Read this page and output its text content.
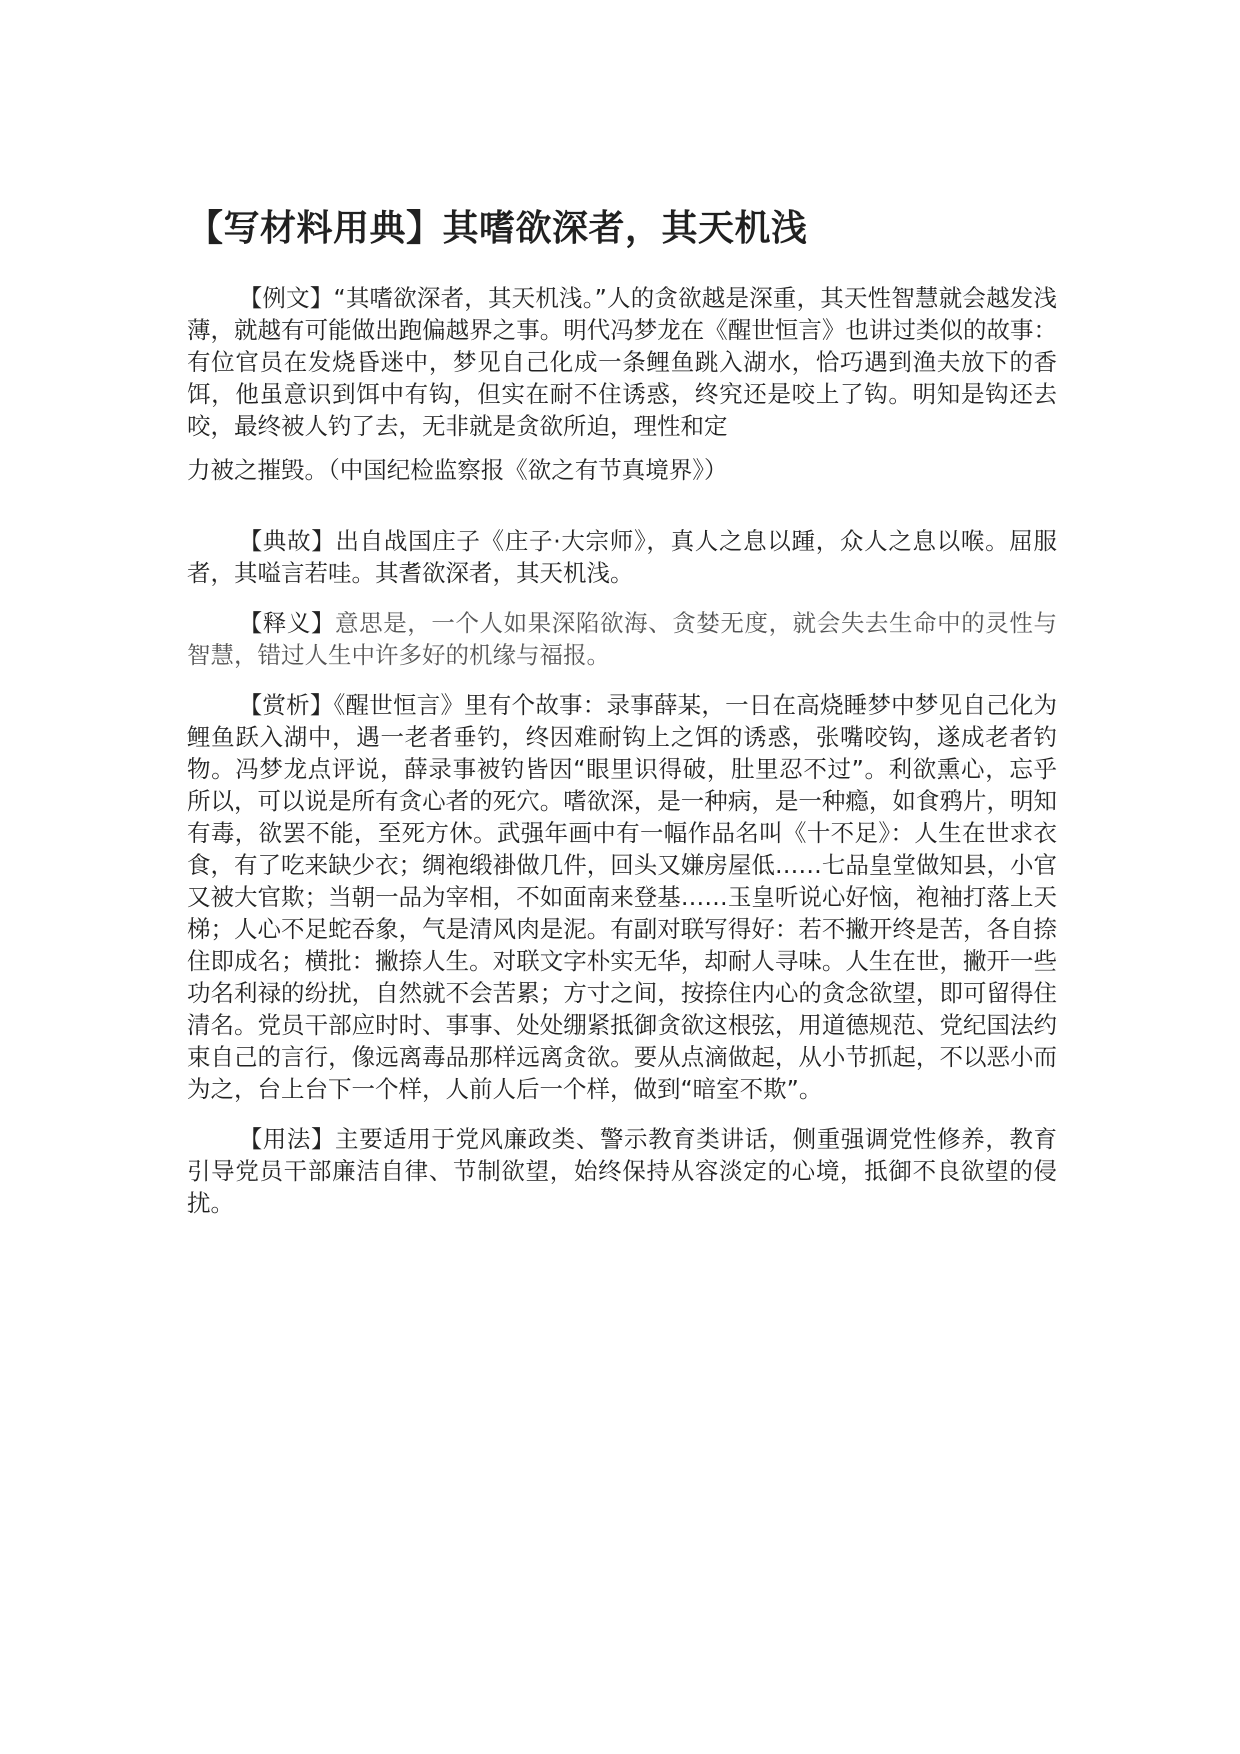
【写材料用典】其嗜欲深者，其天机浅

【例文】“其嗜欲深者，其天机浅。”人的贪欲越是深重，其天性智慧就会越发浅薄，就越有可能做出跑偏越界之事。明代冯梦龙在《醒世恒言》也讲过类似的故事：有位官员在发烧昏迷中，梦见自己化成一条鲤鱼跳入湖水，恰巧遇到渔夫放下的香饵，他虽意识到饵中有钩，但实在耐不住诱惑，终究还是咬上了钩。明知是钩还去咬，最终被人钓了去，无非就是贪欲所迫，理性和定
力被之摧毁。（中国纪检监察报《欲之有节真境界》）

【典故】出自战国庄子《庄子·大宗师》，真人之息以踵，众人之息以喉。屈服者，其嗌言若哇。其耆欲深者，其天机浅。

【释义】意思是，一个人如果深陷欲海、贪婪无度，就会失去生命中的灵性与智慧，错过人生中许多好的机缘与福报。

【赏析】《醒世恒言》里有个故事：录事薛某，一日在高烧睡梦中梦见自己化为鲤鱼跃入湖中，遇一老者垂钓，终因难耐钩上之饵的诱惑，张嘴咬钩，遂成老者钓物。冯梦龙点评说，薛录事被钓皆因“眼里识得破，肚里忍不过”。利欲熏心，忘乎所以，可以说是所有贪心者的死穴。嗜欲深，是一种病，是一种瘾，如食鸦片，明知有毒，欲罢不能，至死方休。武强年画中有一幅作品名叫《十不足》：人生在世求衣食，有了吃来缺少衣；绸袍缎褂做几件，回头又嫌房屋低……七品皇堂做知县，小官又被大官欺；当朝一品为宰相，不如面南来登基……玉皇听说心好恼，袍袖打落上天梯；人心不足蛇吞象，气是清风肉是泥。有副对联写得好：若不撇开终是苦，各自捺住即成名；横批：撇捺人生。对联文字朴实无华，却耐人寻味。人生在世，撇开一些功名利禄的纷扰，自然就不会苦累；方寸之间，按捺住内心的贪念欲望，即可留得住清名。党员干部应时时、事事、处处绷紧抵御贪欲这根弦，用道德规范、党纪国法约束自己的言行，像远离毒品那样远离贪欲。要从点滴做起，从小节抓起，不以恶小而为之，台上台下一个样，人前人后一个样，做到“暗室不欺”。

【用法】主要适用于党风廉政类、警示教育类讲话，侧重强调党性修养，教育引导党员干部廉洁自律、节制欲望，始终保持从容淡定的心境，抵御不良欲望的侵扰。
